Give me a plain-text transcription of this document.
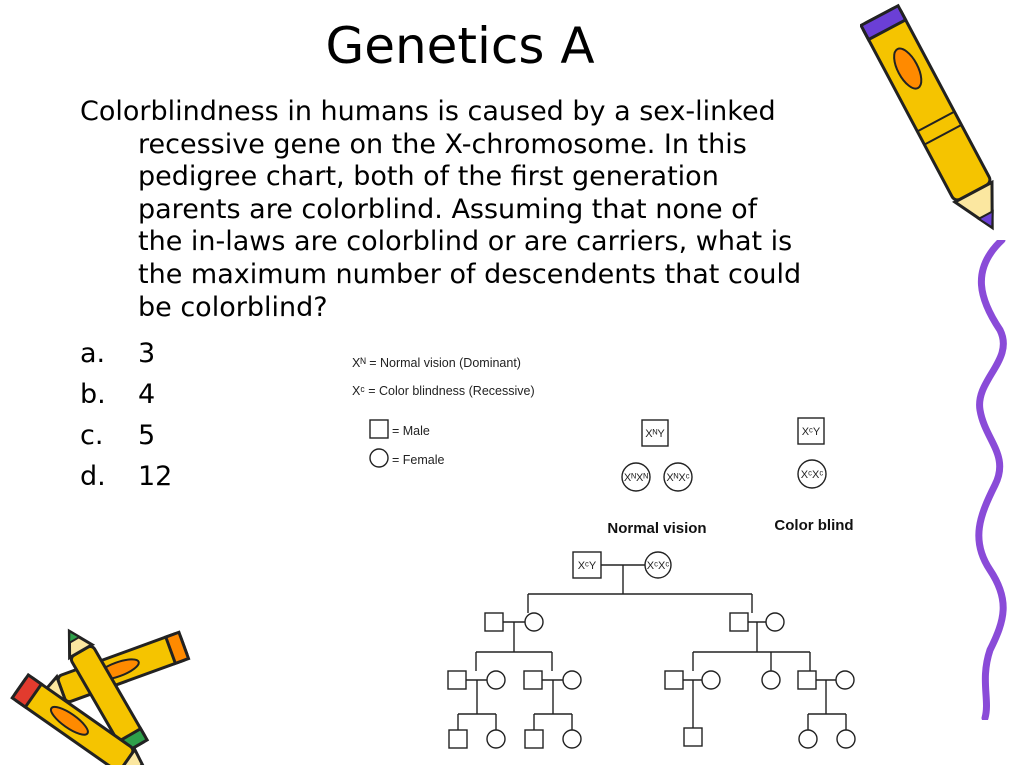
Genetics A
Colorblindness in humans is caused by a sex-linked
recessive gene on the X-chromosome. In this
pedigree chart, both of the first generation
parents are colorblind. Assuming that none of
the in-laws are colorblind or are carriers, what is
the maximum number of descendents that could
be colorblind?
a.	3
b.	4
c.	5
d.	12
Xᴺ = Normal vision (Dominant)
Xᶜ = Color blindness (Recessive)
= Male
= Female
XᴺY
XᴺXᴺ XᴺXᶜ
Normal vision
XᶜY
XᶜXᶜ
Color blind
XᶜY	XᶜXᶜ
